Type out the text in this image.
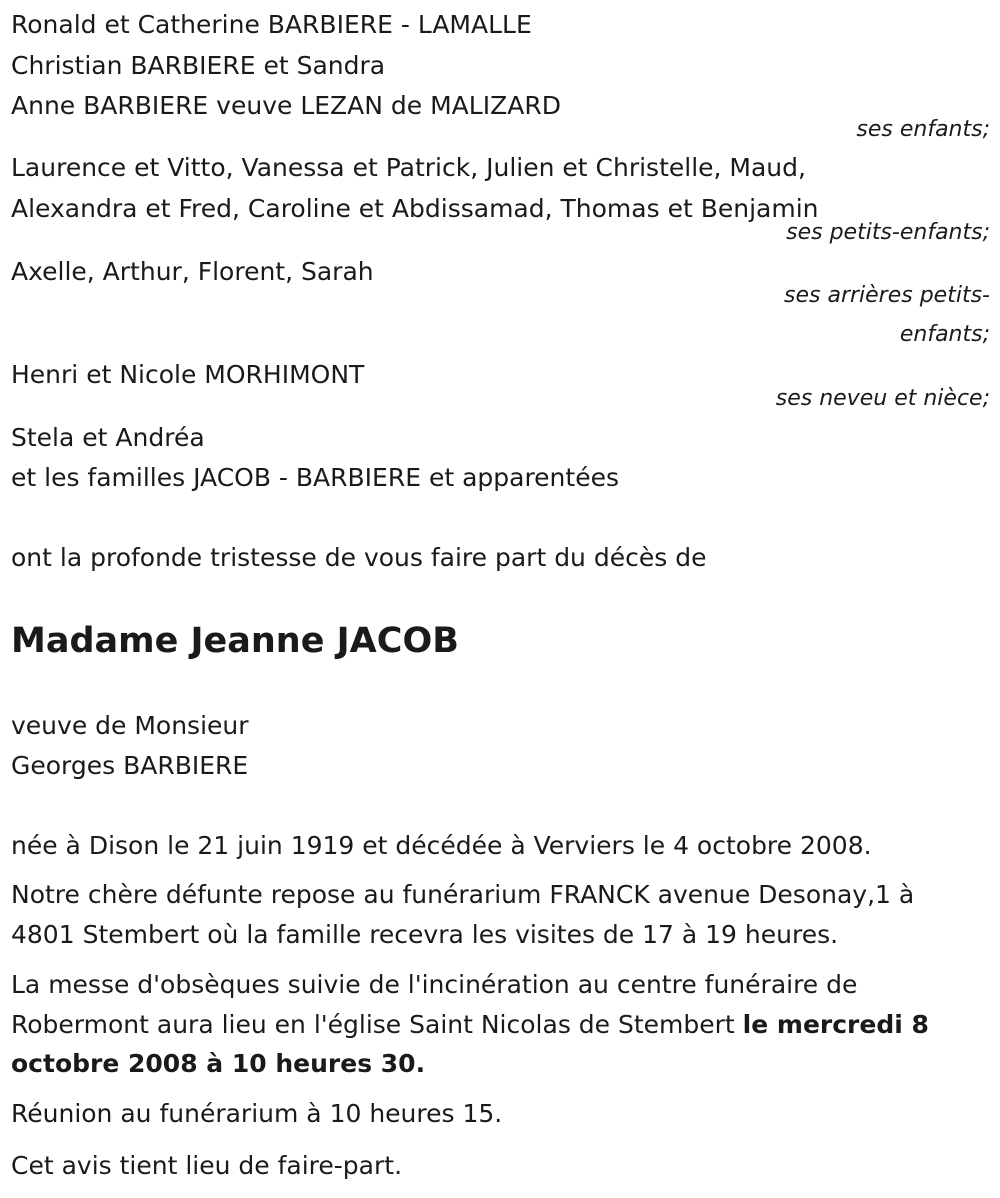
Ronald et Catherine BARBIERE - LAMALLE
Christian BARBIERE et Sandra
Anne BARBIERE veuve LEZAN de MALIZARD
ses enfants;
Laurence et Vitto, Vanessa et Patrick, Julien et Christelle, Maud,
Alexandra et Fred, Caroline et Abdissamad, Thomas et Benjamin
ses petits-enfants;
Axelle, Arthur, Florent, Sarah
ses arrières petits-
enfants;
Henri et Nicole MORHIMONT
ses neveu et nièce;
Stela et Andréa
et les familles JACOB - BARBIERE et apparentées
ont la profonde tristesse de vous faire part du décès de
Madame Jeanne JACOB
veuve de Monsieur
Georges BARBIERE
née à Dison le 21 juin 1919 et décédée à Verviers le 4 octobre 2008.
Notre chère défunte repose au funérarium FRANCK avenue Desonay,1 à
4801 Stembert où la famille recevra les visites de 17 à 19 heures.
La messe d'obsèques suivie de l'incinération au centre funéraire de
Robermont aura lieu en l'église Saint Nicolas de Stembert le mercredi 8
octobre 2008 à 10 heures 30.
Réunion au funérarium à 10 heures 15.
Cet avis tient lieu de faire-part.
